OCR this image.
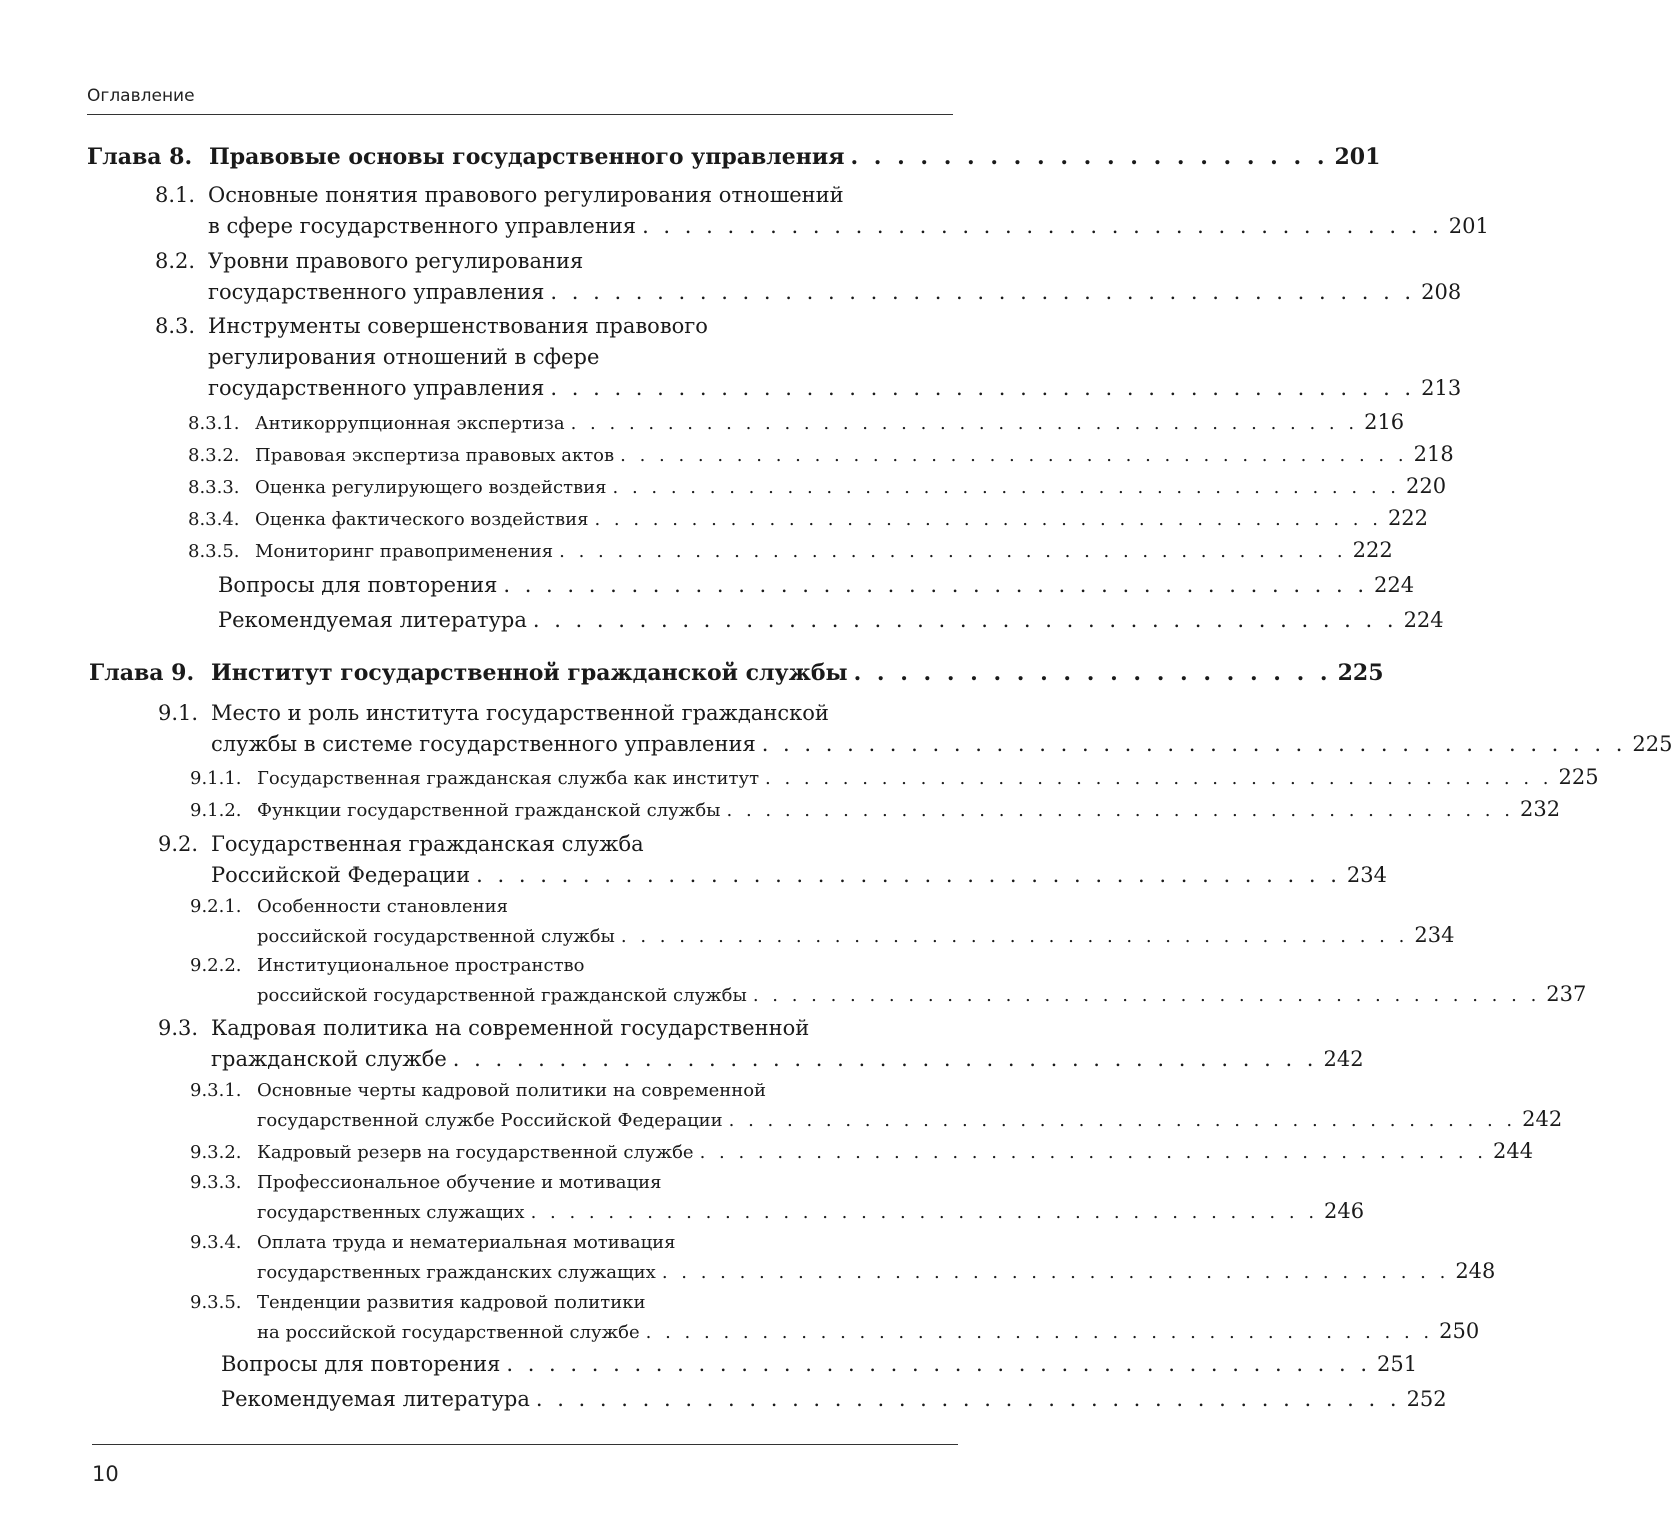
Оглавление
Глава 8. Правовые основы государственного управления . . . . . . . . . . . . . . . . . . . . . 201
8.1. Основные понятия правового регулирования отношений
в сфере государственного управления . . . . . . . . . . . . . . . . . . . . . . . . . . . . . . . . . . . . . . 201
8.2. Уровни правового регулирования
государственного управления . . . . . . . . . . . . . . . . . . . . . . . . . . . . . . . . . . . . . . . . . 208
8.3. Инструменты совершенствования правового
регулирования отношений в сфере
государственного управления . . . . . . . . . . . . . . . . . . . . . . . . . . . . . . . . . . . . . . . . . 213
8.3.1. Антикоррупционная экспертиза . . . . . . . . . . . . . . . . . . . . . . . . . . . . . . . . . . . . . . . . . 216
8.3.2. Правовая экспертиза правовых актов . . . . . . . . . . . . . . . . . . . . . . . . . . . . . . . . . . . . . . . . . 218
8.3.3. Оценка регулирующего воздействия . . . . . . . . . . . . . . . . . . . . . . . . . . . . . . . . . . . . . . . . . 220
8.3.4. Оценка фактического воздействия . . . . . . . . . . . . . . . . . . . . . . . . . . . . . . . . . . . . . . . . . 222
8.3.5. Мониторинг правоприменения . . . . . . . . . . . . . . . . . . . . . . . . . . . . . . . . . . . . . . . . . 222
Вопросы для повторения . . . . . . . . . . . . . . . . . . . . . . . . . . . . . . . . . . . . . . . . . 224
Рекомендуемая литература . . . . . . . . . . . . . . . . . . . . . . . . . . . . . . . . . . . . . . . . . 224
Глава 9. Институт государственной гражданской службы . . . . . . . . . . . . . . . . . . . . . 225
9.1. Место и роль института государственной гражданской
службы в системе государственного управления . . . . . . . . . . . . . . . . . . . . . . . . . . . . . . . . . . . . . . . . . 225
9.1.1. Государственная гражданская служба как институт . . . . . . . . . . . . . . . . . . . . . . . . . . . . . . . . . . . . . . . . . 225
9.1.2. Функции государственной гражданской службы . . . . . . . . . . . . . . . . . . . . . . . . . . . . . . . . . . . . . . . . . 232
9.2. Государственная гражданская служба
Российской Федерации . . . . . . . . . . . . . . . . . . . . . . . . . . . . . . . . . . . . . . . . . 234
9.2.1. Особенности становления
российской государственной службы . . . . . . . . . . . . . . . . . . . . . . . . . . . . . . . . . . . . . . . . . 234
9.2.2. Институциональное пространство
российской государственной гражданской службы . . . . . . . . . . . . . . . . . . . . . . . . . . . . . . . . . . . . . . . . . 237
9.3. Кадровая политика на современной государственной
гражданской службе . . . . . . . . . . . . . . . . . . . . . . . . . . . . . . . . . . . . . . . . . 242
9.3.1. Основные черты кадровой политики на современной
государственной службе Российской Федерации . . . . . . . . . . . . . . . . . . . . . . . . . . . . . . . . . . . . . . . . . 242
9.3.2. Кадровый резерв на государственной службе . . . . . . . . . . . . . . . . . . . . . . . . . . . . . . . . . . . . . . . . . 244
9.3.3. Профессиональное обучение и мотивация
государственных служащих . . . . . . . . . . . . . . . . . . . . . . . . . . . . . . . . . . . . . . . . . 246
9.3.4. Оплата труда и нематериальная мотивация
государственных гражданских служащих . . . . . . . . . . . . . . . . . . . . . . . . . . . . . . . . . . . . . . . . . 248
9.3.5. Тенденции развития кадровой политики
на российской государственной службе . . . . . . . . . . . . . . . . . . . . . . . . . . . . . . . . . . . . . . . . . 250
Вопросы для повторения . . . . . . . . . . . . . . . . . . . . . . . . . . . . . . . . . . . . . . . . . 251
Рекомендуемая литература . . . . . . . . . . . . . . . . . . . . . . . . . . . . . . . . . . . . . . . . . 252
10
